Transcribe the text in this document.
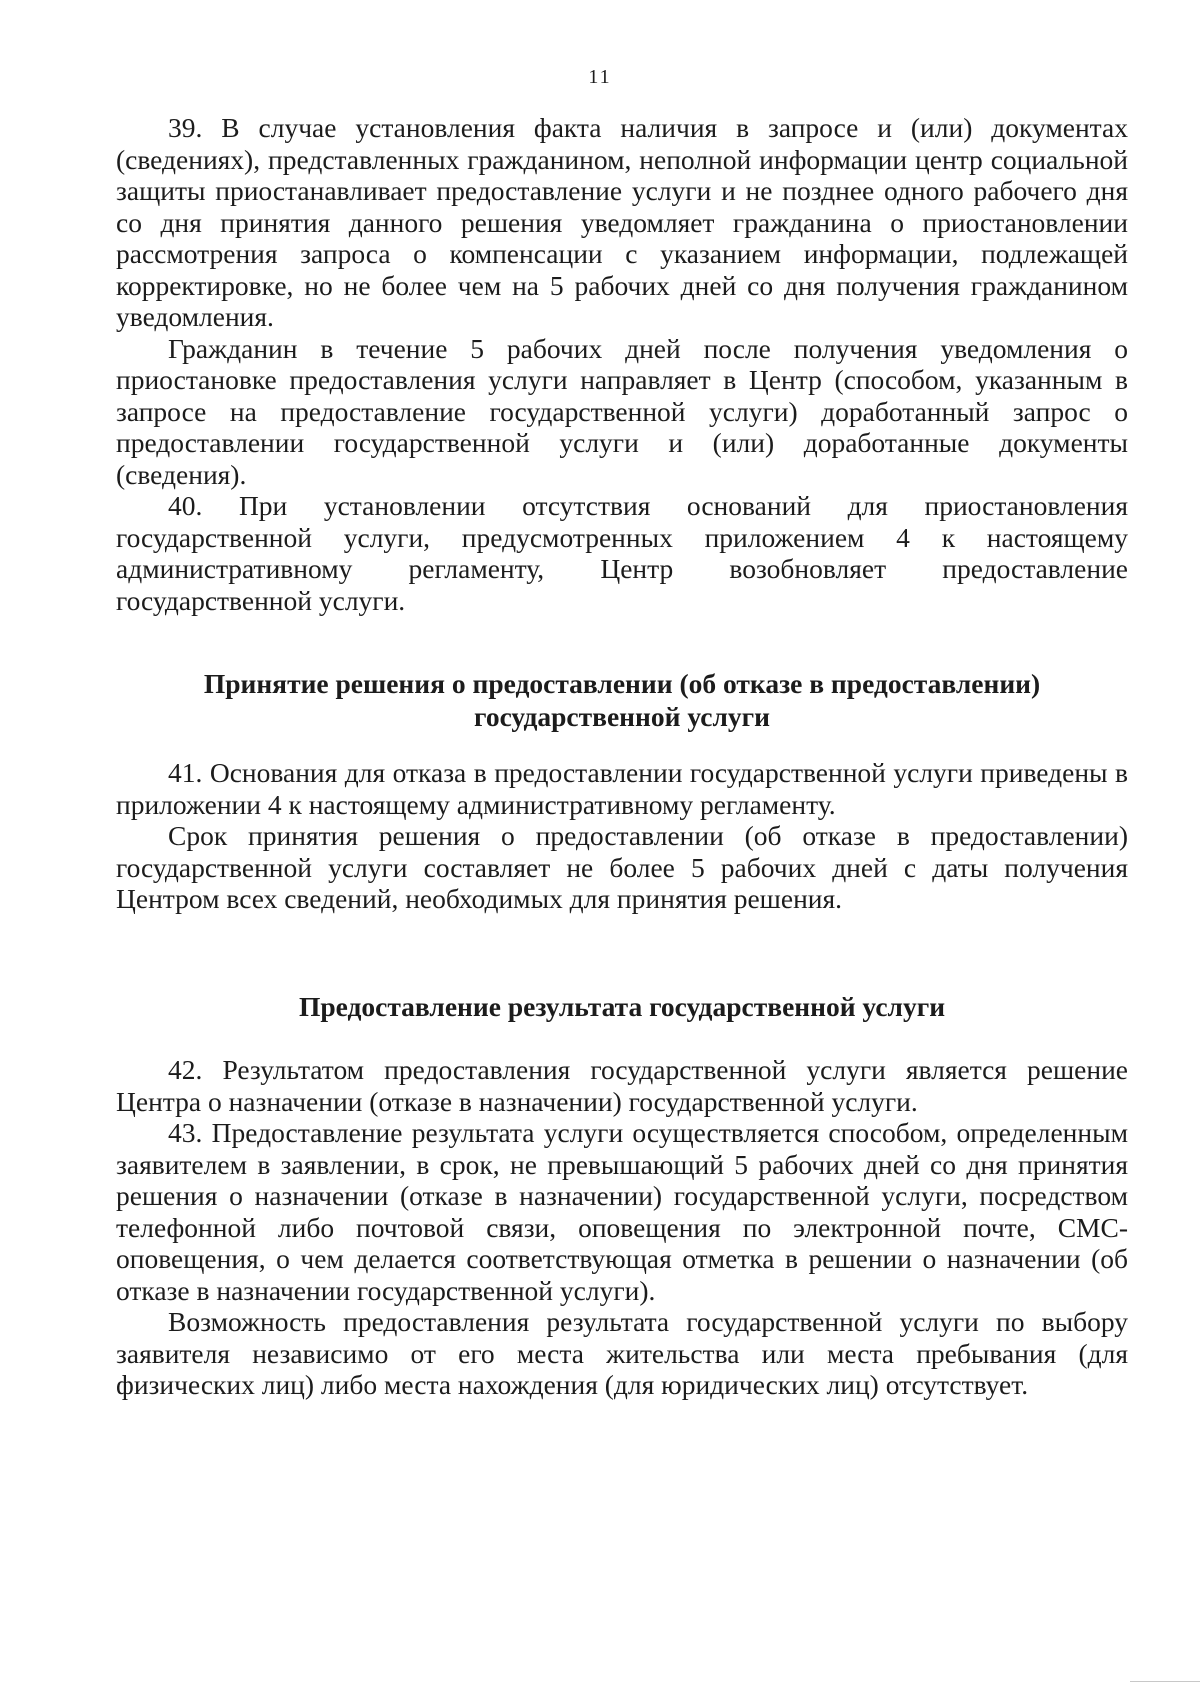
11

39. В случае установления факта наличия в запросе и (или) документах (сведениях), представленных гражданином, неполной информации центр социальной защиты приостанавливает предоставление услуги и не позднее одного рабочего дня со дня принятия данного решения уведомляет гражданина о приостановлении рассмотрения запроса о компенсации с указанием информации, подлежащей корректировке, но не более чем на 5 рабочих дней со дня получения гражданином уведомления.

Гражданин в течение 5 рабочих дней после получения уведомления о приостановке предоставления услуги направляет в Центр (способом, указанным в запросе на предоставление государственной услуги) доработанный запрос о предоставлении государственной услуги и (или) доработанные документы (сведения).

40. При установлении отсутствия оснований для приостановления государственной услуги, предусмотренных приложением 4 к настоящему административному регламенту, Центр возобновляет предоставление государственной услуги.

Принятие решения о предоставлении (об отказе в предоставлении)

государственной услуги

41. Основания для отказа в предоставлении государственной услуги приведены в приложении 4 к настоящему административному регламенту.

Срок принятия решения о предоставлении (об отказе в предоставлении) государственной услуги составляет не более 5 рабочих дней с даты получения Центром всех сведений, необходимых для принятия решения.

Предоставление результата государственной услуги

42. Результатом предоставления государственной услуги является решение Центра о назначении (отказе в назначении) государственной услуги.

43. Предоставление результата услуги осуществляется способом, определенным заявителем в заявлении, в срок, не превышающий 5 рабочих дней со дня принятия решения о назначении (отказе в назначении) государственной услуги, посредством телефонной либо почтовой связи, оповещения по электронной почте, СМС-оповещения, о чем делается соответствующая отметка в решении о назначении (об отказе в назначении государственной услуги).

Возможность предоставления результата государственной услуги по выбору заявителя независимо от его места жительства или места пребывания (для физических лиц) либо места нахождения (для юридических лиц) отсутствует.
